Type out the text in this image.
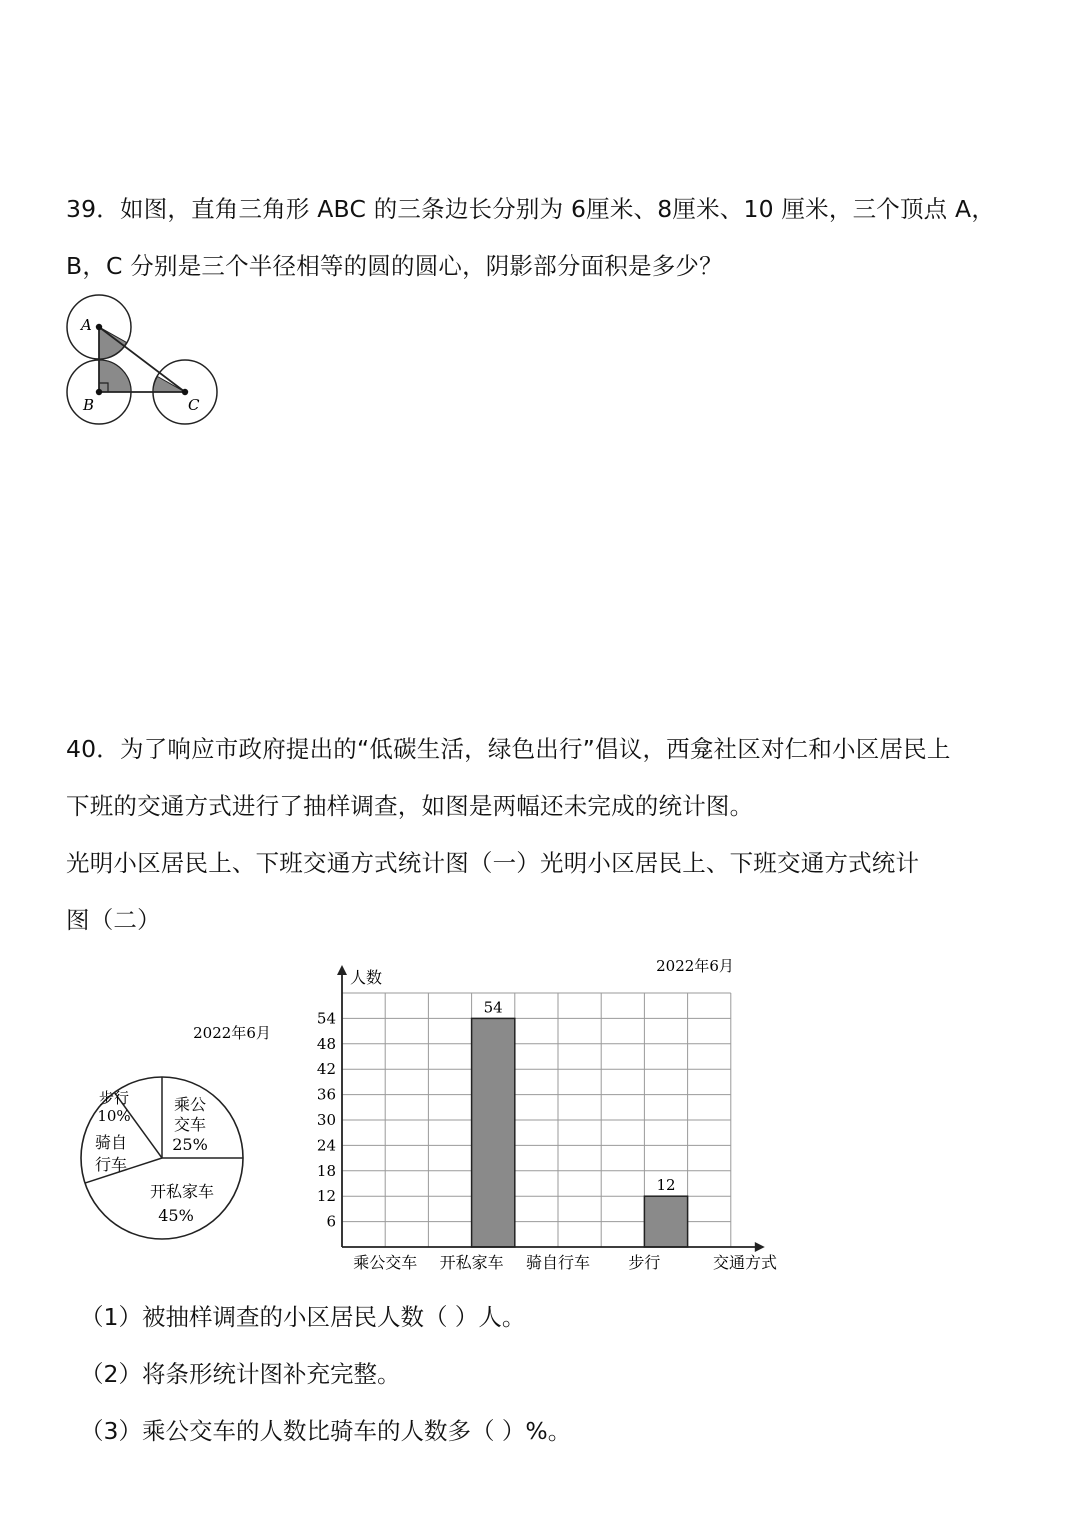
39．如图，直角三角形 ABC 的三条边长分别为 6厘米、8厘米、10 厘米，三个顶点 A，
B，C 分别是三个半径相等的圆的圆心，阴影部分面积是多少？
A
B	C
40．为了响应市政府提出的“低碳生活，绿色出行”倡议，西龛社区对仁和小区居民上
下班的交通方式进行了抽样调查，如图是两幅还未完成的统计图。
光明小区居民上、下班交通方式统计图（一）光明小区居民上、下班交通方式统计
图（二）
2022年6月
步行
10%
乘公
交车
25%
骑自
行车
开私家车
45%
2022年6月
人数
交通方式
6
12
18
24
30
36
42
48
54
乘公交车
54
开私家车 骑自行车
12
步行
（1）被抽样调查的小区居民人数（ ）人。
（2）将条形统计图补充完整。
（3）乘公交车的人数比骑车的人数多（ ）%。
